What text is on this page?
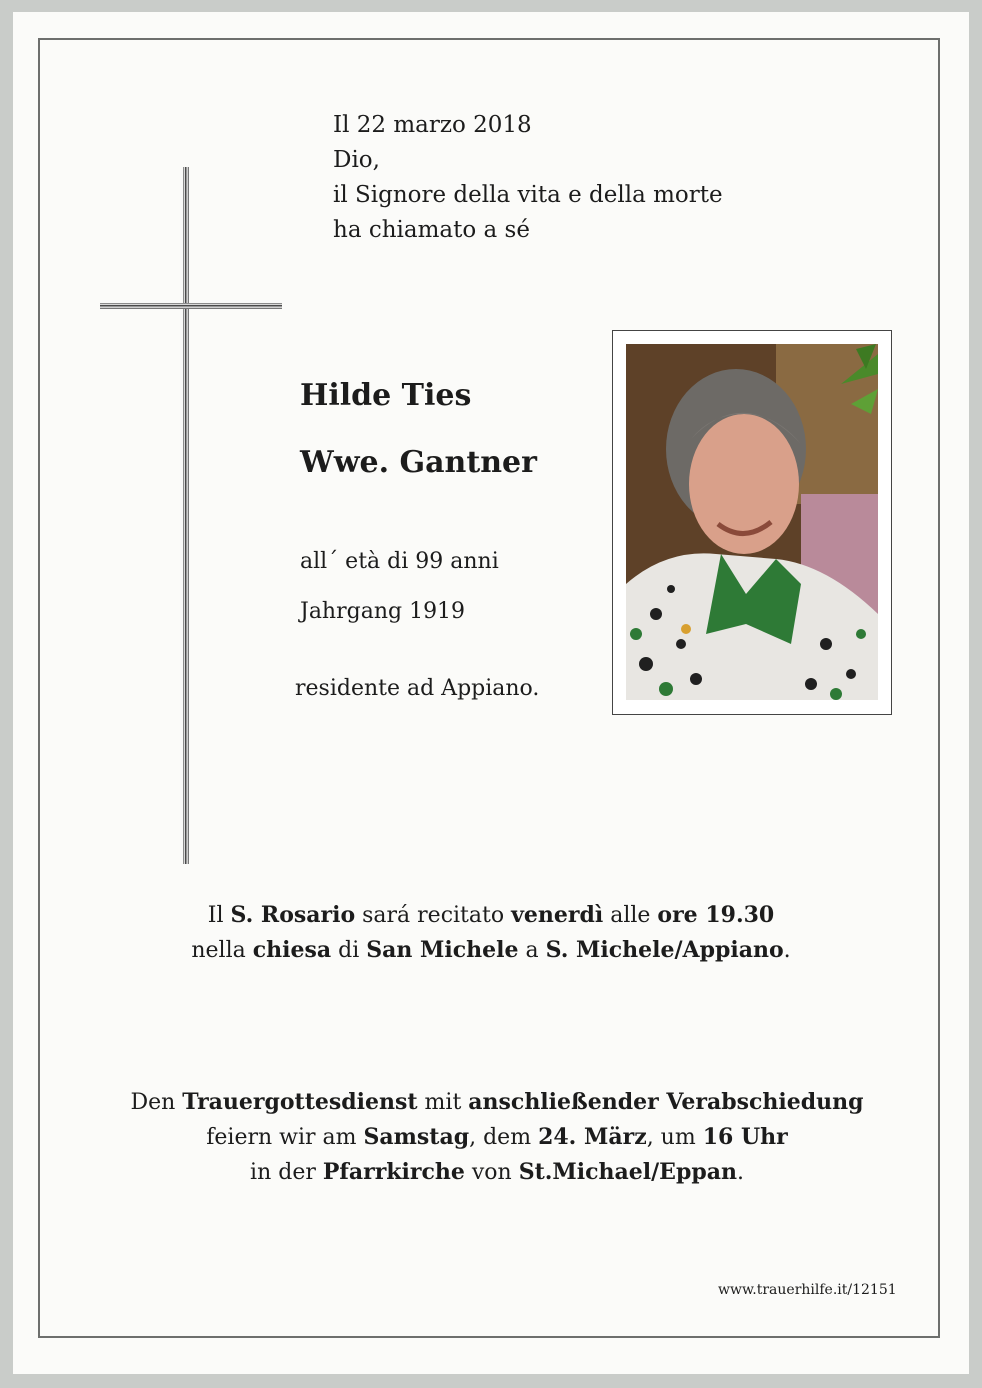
Il 22 marzo 2018
Dio,
il Signore della vita e della morte
ha chiamato a sé
Hilde Ties
Wwe. Gantner
all´ età di 99 anni
Jahrgang 1919
residente ad Appiano.
Il S. Rosario sará recitato venerdì alle ore 19.30
nella chiesa di San Michele a S. Michele/Appiano.
Den Trauergottesdienst mit anschließender Verabschiedung
feiern wir am Samstag, dem 24. März, um 16 Uhr
in der Pfarrkirche von St.Michael/Eppan.
www.trauerhilfe.it/12151
